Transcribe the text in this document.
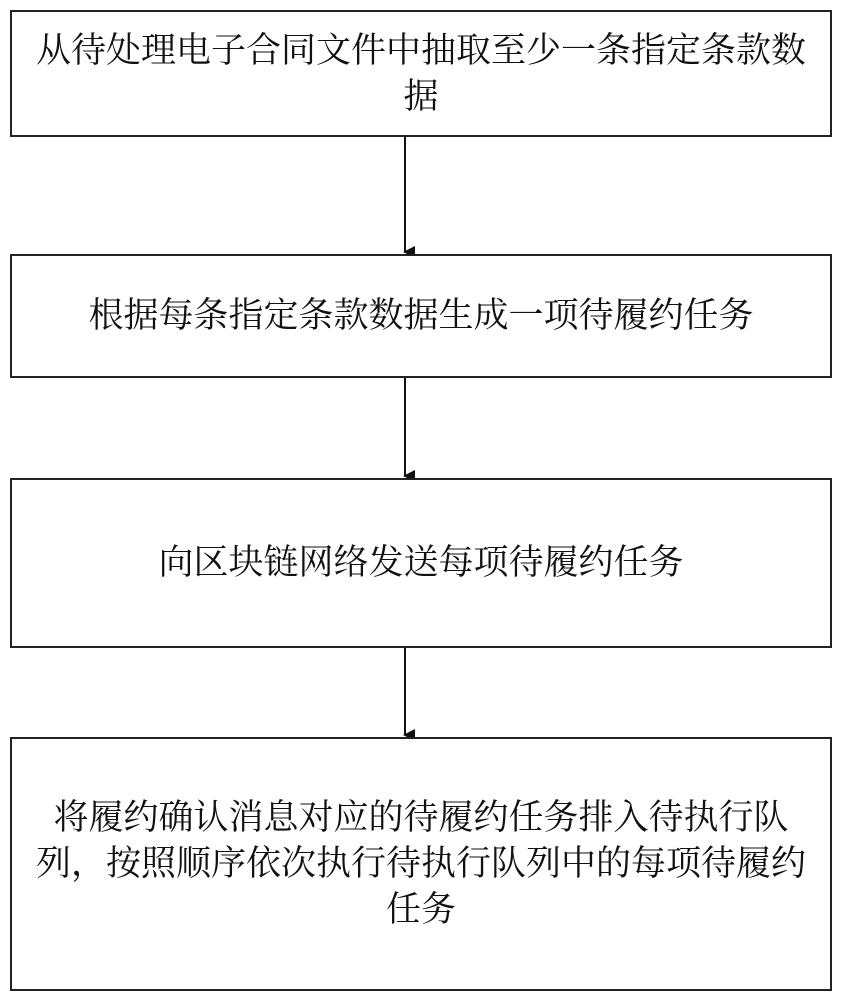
从待处理电子合同文件中抽取至少一条指定条款数据
根据每条指定条款数据生成一项待履约任务
向区块链网络发送每项待履约任务
将履约确认消息对应的待履约任务排入待执行队列，按照顺序依次执行待执行队列中的每项待履约任务
